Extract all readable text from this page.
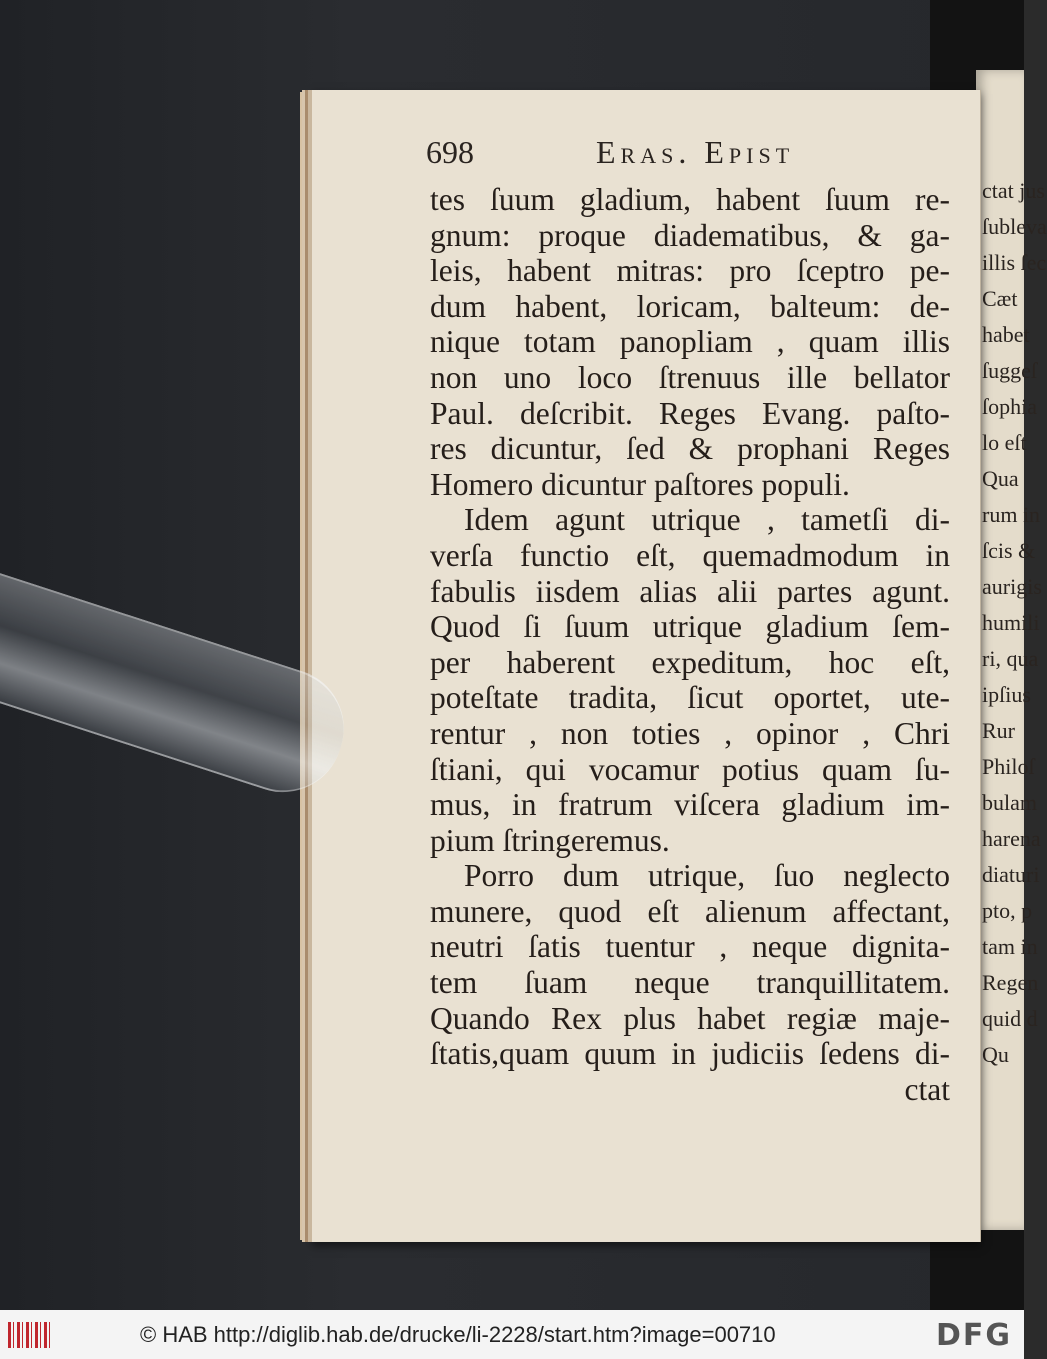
ctat jus
ſubleva
illis ſec
Cæt
habet
ſuggeſ
ſophia
lo eſt
Qua
rum in
ſcis &
aurigis
humili
ri, qua
ipſius
Rur
Philoſ
bulam
harena
diaturi
pto, p
tam in
Regen
quid d
Qu
698	Eras. Epist
tes ſuum gladium, habent ſuum re-
gnum: proque diadematibus, & ga-
leis, habent mitras: pro ſceptro pe-
dum habent, loricam, balteum: de-
nique totam panopliam , quam illis
non uno loco ſtrenuus ille bellator
Paul. deſcribit. Reges Evang. paſto-
res dicuntur, ſed & prophani Reges
Homero dicuntur paſtores populi.
Idem agunt utrique , tametſi di-
verſa functio eſt, quemadmodum in
fabulis iisdem alias alii partes agunt.
Quod ſi ſuum utrique gladium ſem-
per haberent expeditum, hoc eſt,
poteſtate tradita, ſicut oportet, ute-
rentur , non toties , opinor , Chri
ſtiani, qui vocamur potius quam ſu-
mus, in fratrum viſcera gladium im-
pium ſtringeremus.
Porro dum utrique, ſuo neglecto
munere, quod eſt alienum affectant,
neutri ſatis tuentur , neque dignita-
tem ſuam neque tranquillitatem.
Quando Rex plus habet regiæ maje-
ſtatis,quam quum in judiciis ſedens di-
ctat
© HAB http://diglib.hab.de/drucke/li-2228/start.htm?image=00710	DFG
